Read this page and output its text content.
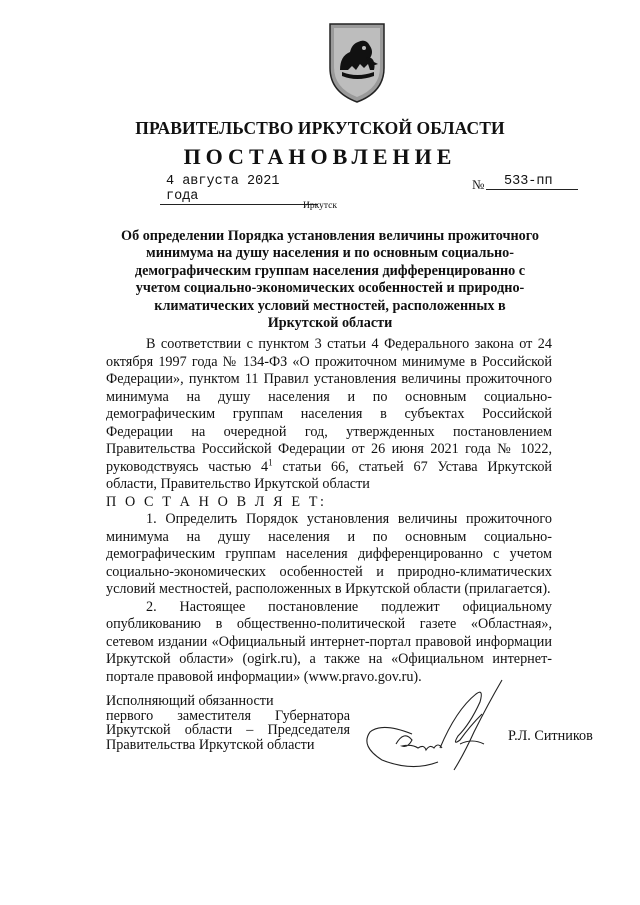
ПРАВИТЕЛЬСТВО ИРКУТСКОЙ ОБЛАСТИ
ПОСТАНОВЛЕНИЕ
4 августа 2021 года
№	533-пп
Иркутск

Об определении Порядка установления величины прожиточного минимума на душу населения и по основным социально-демографическим группам населения дифференцированно с учетом социально-экономических особенностей и природно-климатических условий местностей, расположенных в Иркутской области

В соответствии с пунктом 3 статьи 4 Федерального закона от 24 октября 1997 года № 134-ФЗ «О прожиточном минимуме в Российской Федерации», пунктом 11 Правил установления величины прожиточного минимума на душу населения и по основным социально-демографическим группам населения в субъектах Российской Федерации на очередной год, утвержденных постановлением Правительства Российской Федерации от 26 июня 2021 года № 1022, руководствуясь частью $4^1$ статьи 66, статьей 67 Устава Иркутской области, Правительство Иркутской области

П О С Т А Н О В Л Я Е Т:

1. Определить Порядок установления величины прожиточного минимума на душу населения и по основным социально-демографическим группам населения дифференцированно с учетом социально-экономических особенностей и природно-климатических условий местностей, расположенных в Иркутской области (прилагается).

2. Настоящее постановление подлежит официальному опубликованию в общественно-политической газете «Областная», сетевом издании «Официальный интернет-портал правовой информации Иркутской области» (ogirk.ru), а также на «Официальном интернет-портале правовой информации» (www.pravo.gov.ru).

Исполняющий обязанности
первого заместителя Губернатора
Иркутской области – Председателя
Правительства Иркутской области
Р.Л. Ситников
